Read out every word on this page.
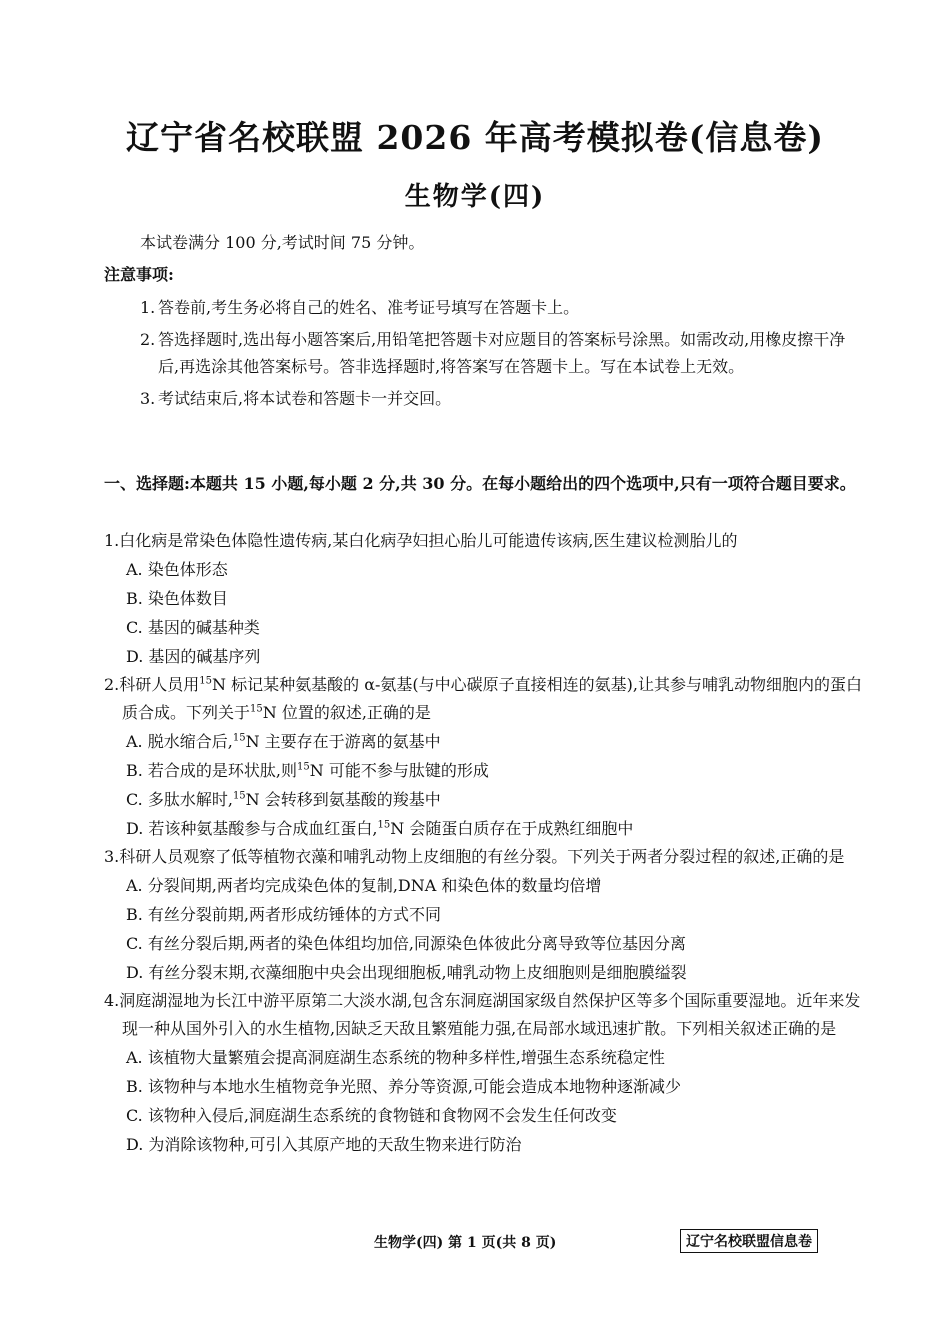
辽宁省名校联盟 2026 年高考模拟卷(信息卷)
生物学(四)
本试卷满分 100 分,考试时间 75 分钟。
注意事项:
1. 答卷前,考生务必将自己的姓名、准考证号填写在答题卡上。
2. 答选择题时,选出每小题答案后,用铅笔把答题卡对应题目的答案标号涂黑。如需改动,用橡皮擦干净后,再选涂其他答案标号。答非选择题时,将答案写在答题卡上。写在本试卷上无效。
3. 考试结束后,将本试卷和答题卡一并交回。
一、选择题:本题共 15 小题,每小题 2 分,共 30 分。在每小题给出的四个选项中,只有一项符合题目要求。
1.白化病是常染色体隐性遗传病,某白化病孕妇担心胎儿可能遗传该病,医生建议检测胎儿的
A. 染色体形态
B. 染色体数目
C. 基因的碱基种类
D. 基因的碱基序列
2.科研人员用$^{15}$N 标记某种氨基酸的 α-氨基(与中心碳原子直接相连的氨基),让其参与哺乳动物细胞内的蛋白质合成。下列关于$^{15}$N 位置的叙述,正确的是
A. 脱水缩合后,$^{15}$N 主要存在于游离的氨基中
B. 若合成的是环状肽,则$^{15}$N 可能不参与肽键的形成
C. 多肽水解时,$^{15}$N 会转移到氨基酸的羧基中
D. 若该种氨基酸参与合成血红蛋白,$^{15}$N 会随蛋白质存在于成熟红细胞中
3.科研人员观察了低等植物衣藻和哺乳动物上皮细胞的有丝分裂。下列关于两者分裂过程的叙述,正确的是
A. 分裂间期,两者均完成染色体的复制,DNA 和染色体的数量均倍增
B. 有丝分裂前期,两者形成纺锤体的方式不同
C. 有丝分裂后期,两者的染色体组均加倍,同源染色体彼此分离导致等位基因分离
D. 有丝分裂末期,衣藻细胞中央会出现细胞板,哺乳动物上皮细胞则是细胞膜缢裂
4.洞庭湖湿地为长江中游平原第二大淡水湖,包含东洞庭湖国家级自然保护区等多个国际重要湿地。近年来发现一种从国外引入的水生植物,因缺乏天敌且繁殖能力强,在局部水域迅速扩散。下列相关叙述正确的是
A. 该植物大量繁殖会提高洞庭湖生态系统的物种多样性,增强生态系统稳定性
B. 该物种与本地水生植物竞争光照、养分等资源,可能会造成本地物种逐渐减少
C. 该物种入侵后,洞庭湖生态系统的食物链和食物网不会发生任何改变
D. 为消除该物种,可引入其原产地的天敌生物来进行防治
生物学(四) 第 1 页(共 8 页)	辽宁名校联盟信息卷
